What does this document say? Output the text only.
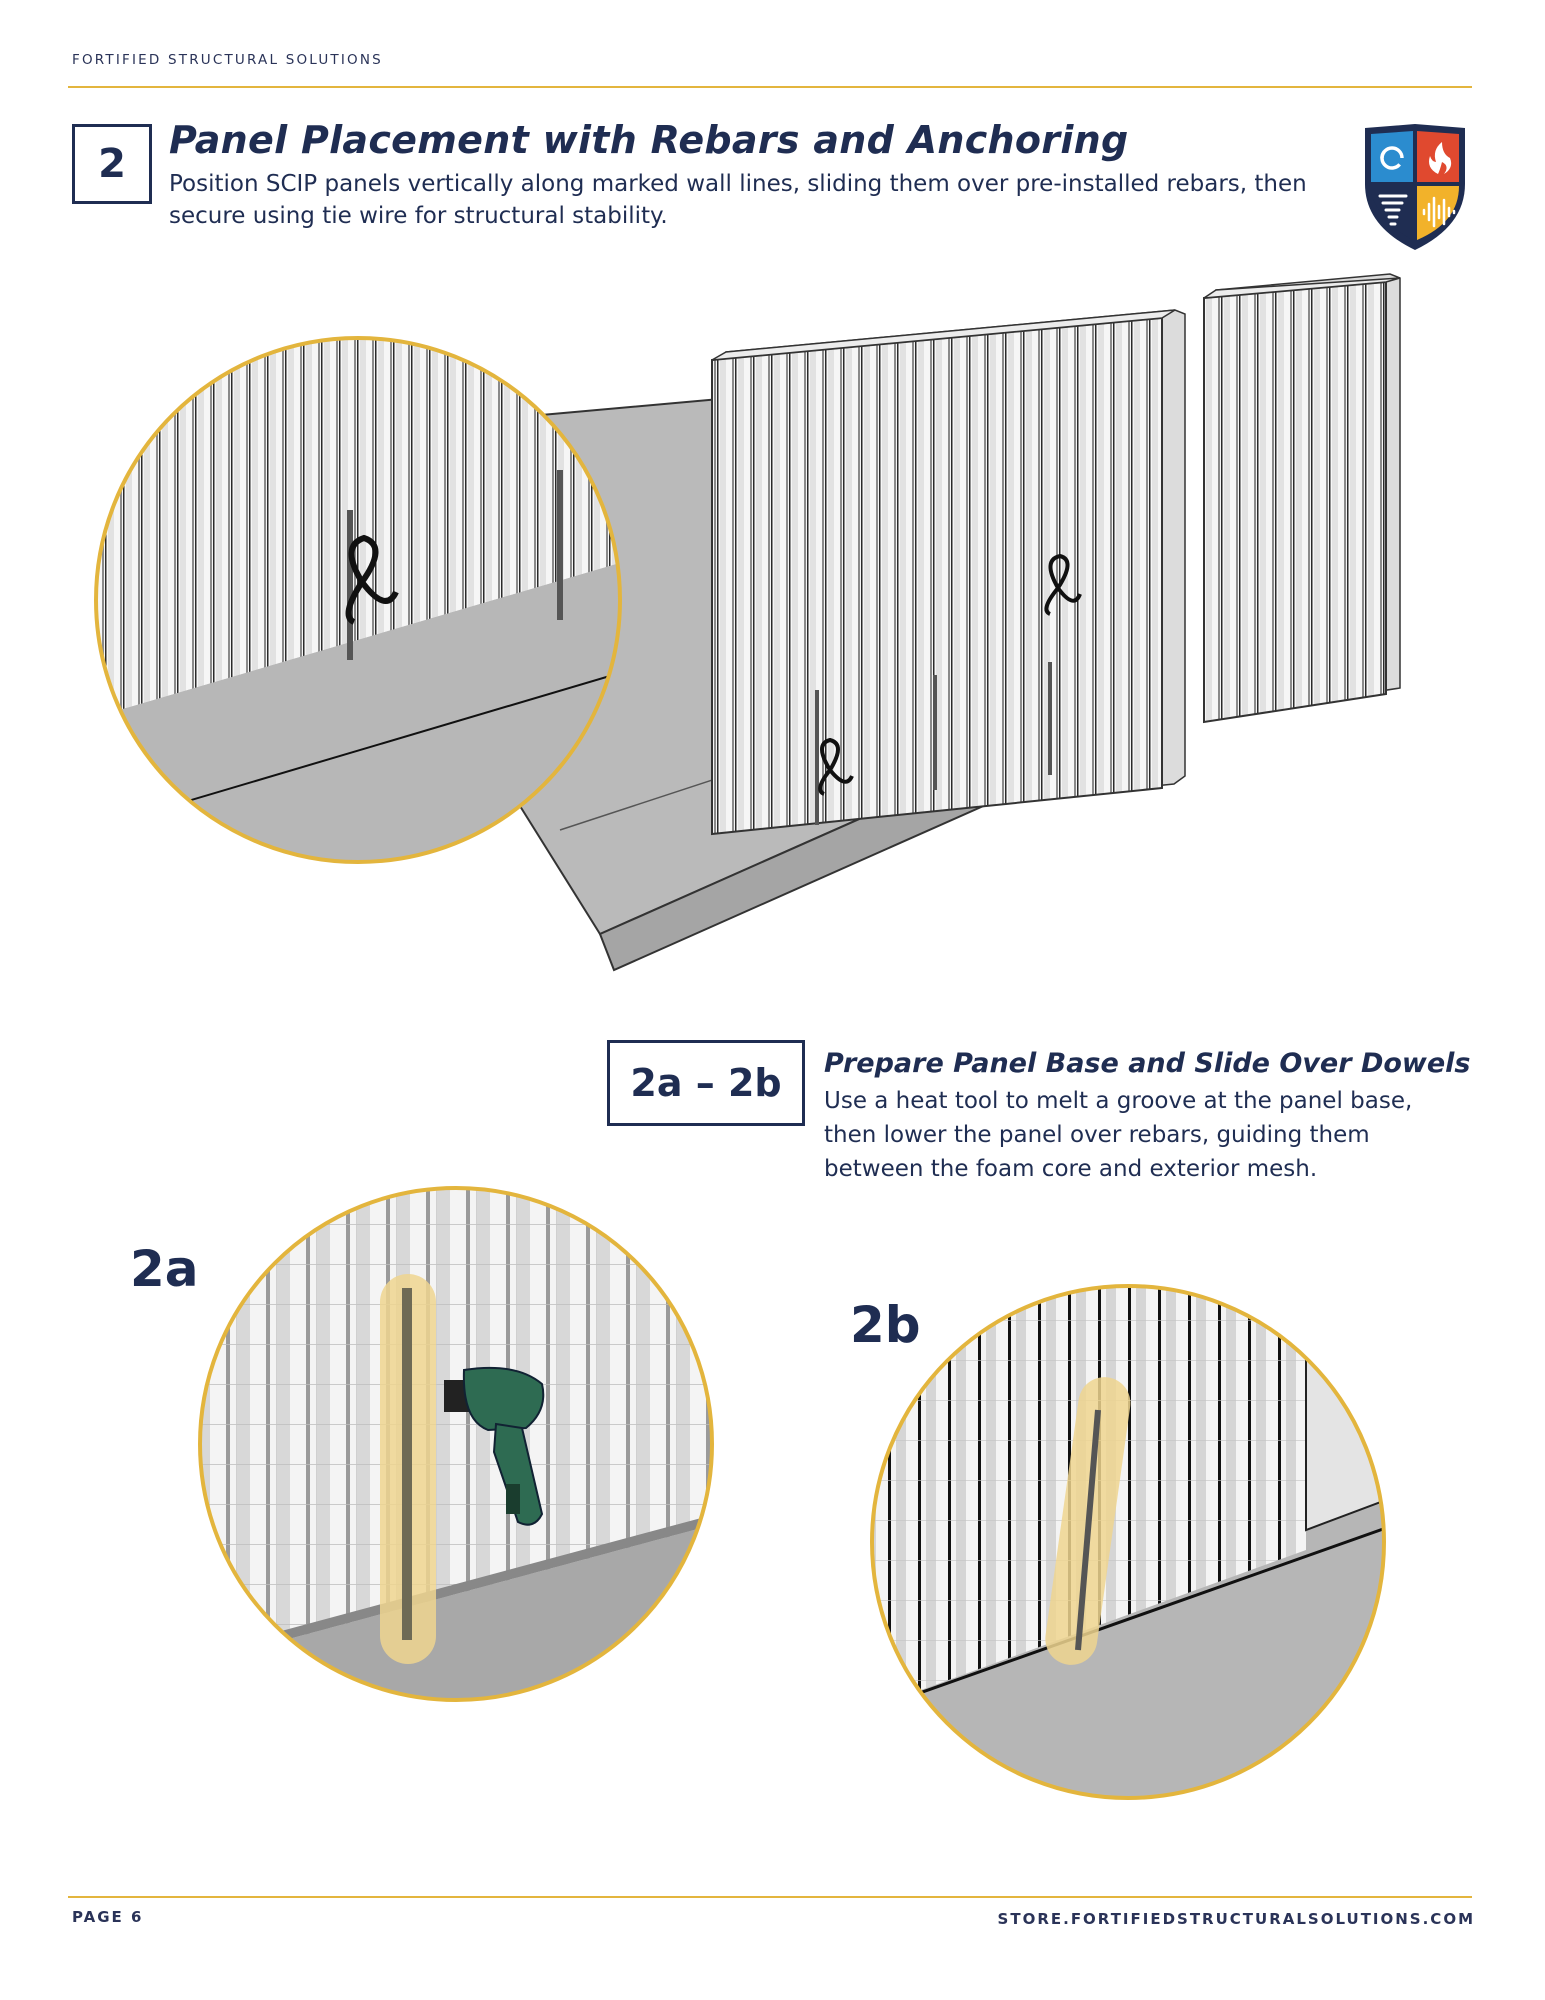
FORTIFIED STRUCTURAL SOLUTIONS
2
Panel Placement with Rebars and Anchoring
Position SCIP panels vertically along marked wall lines, sliding them over pre-installed rebars, then secure using tie wire for structural stability.
2a – 2b	Prepare Panel Base and Slide Over Dowels
Use a heat tool to melt a groove at the panel base, then lower the panel over rebars, guiding them between the foam core and exterior mesh.
2a
2b
PAGE 6	STORE.FORTIFIEDSTRUCTURALSOLUTIONS.COM
